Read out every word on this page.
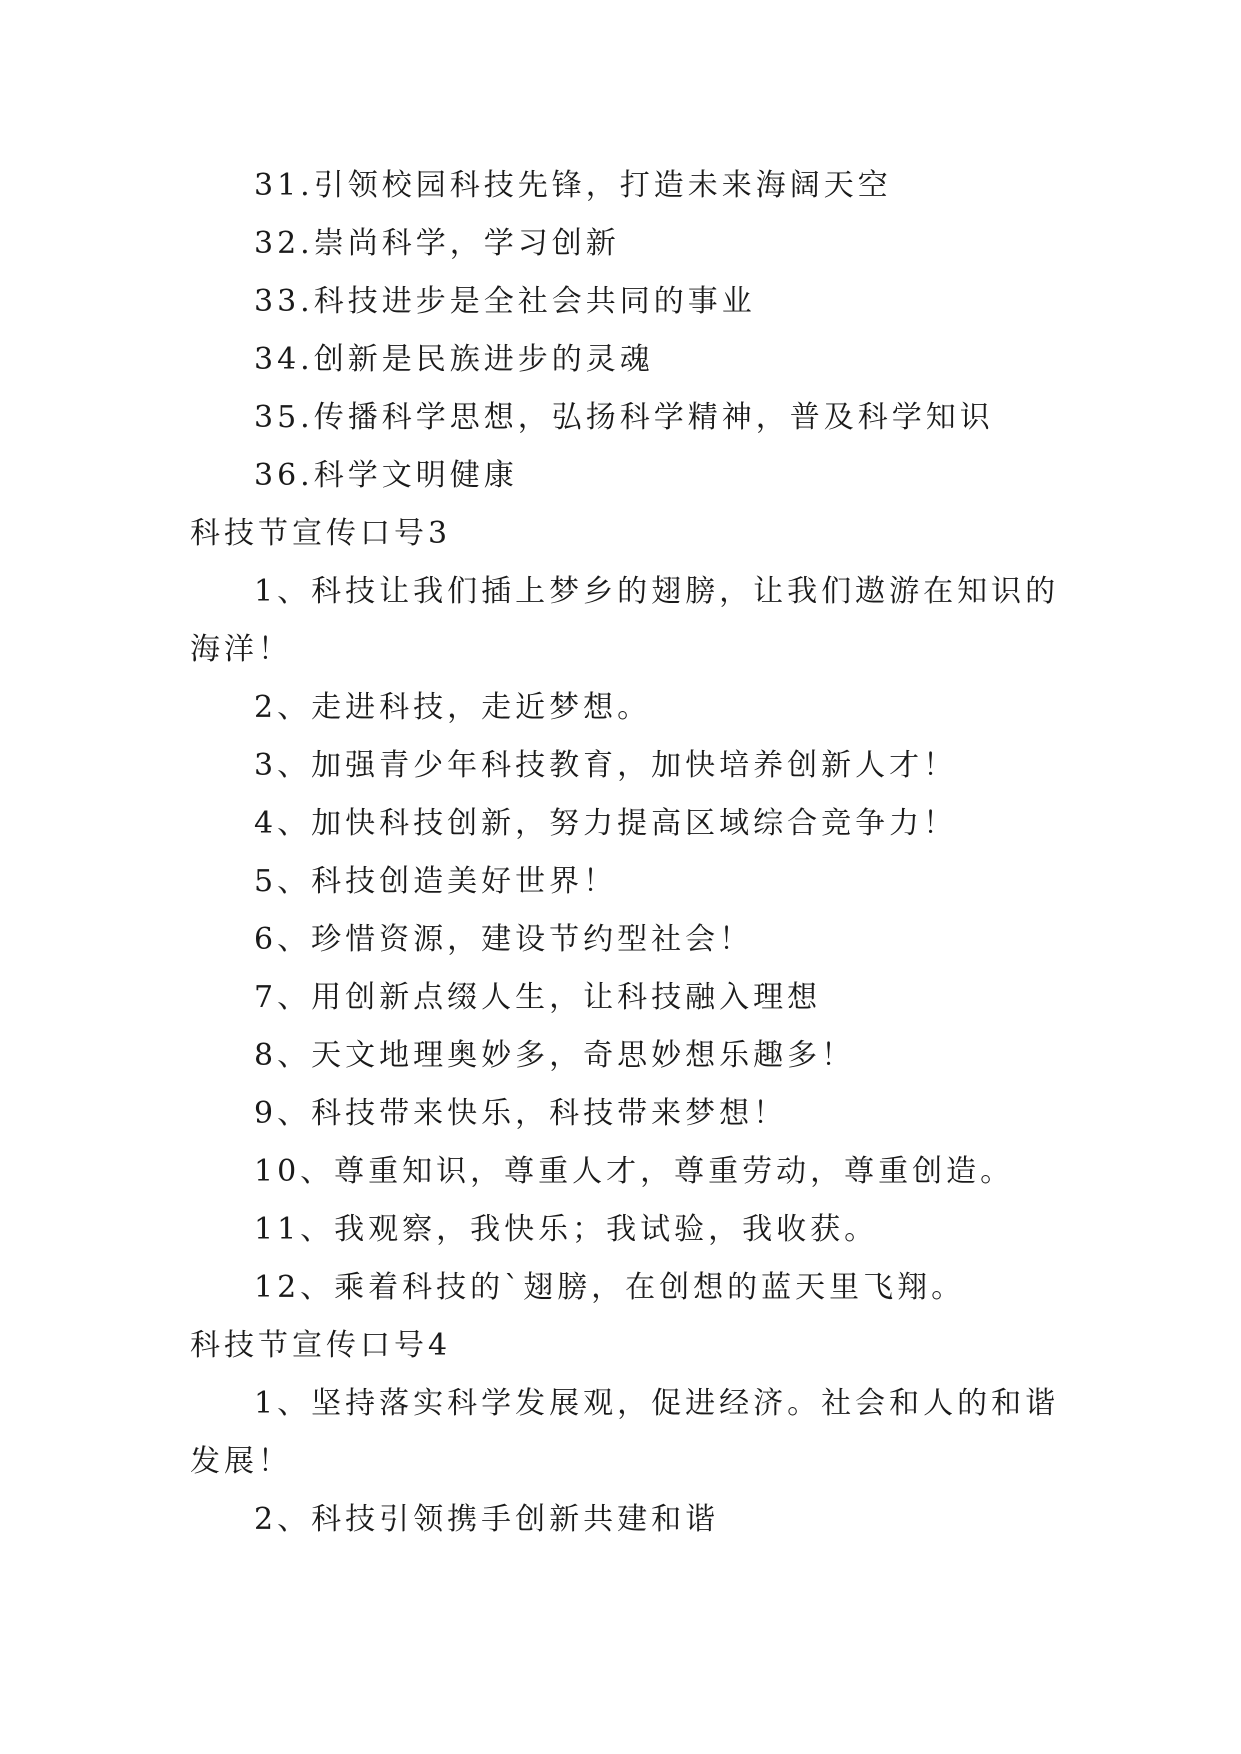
31.引领校园科技先锋，打造未来海阔天空
32.崇尚科学，学习创新
33.科技进步是全社会共同的事业
34.创新是民族进步的灵魂
35.传播科学思想，弘扬科学精神，普及科学知识
36.科学文明健康
科技节宣传口号3
1、科技让我们插上梦乡的翅膀，让我们遨游在知识的海洋！
2、走进科技，走近梦想。
3、加强青少年科技教育，加快培养创新人才！
4、加快科技创新，努力提高区域综合竞争力！
5、科技创造美好世界！
6、珍惜资源，建设节约型社会！
7、用创新点缀人生，让科技融入理想
8、天文地理奥妙多，奇思妙想乐趣多！
9、科技带来快乐，科技带来梦想！
10、尊重知识，尊重人才，尊重劳动，尊重创造。
11、我观察，我快乐；我试验，我收获。
12、乘着科技的`翅膀，在创想的蓝天里飞翔。
科技节宣传口号4
1、坚持落实科学发展观，促进经济。社会和人的和谐发展！
2、科技引领携手创新共建和谐
